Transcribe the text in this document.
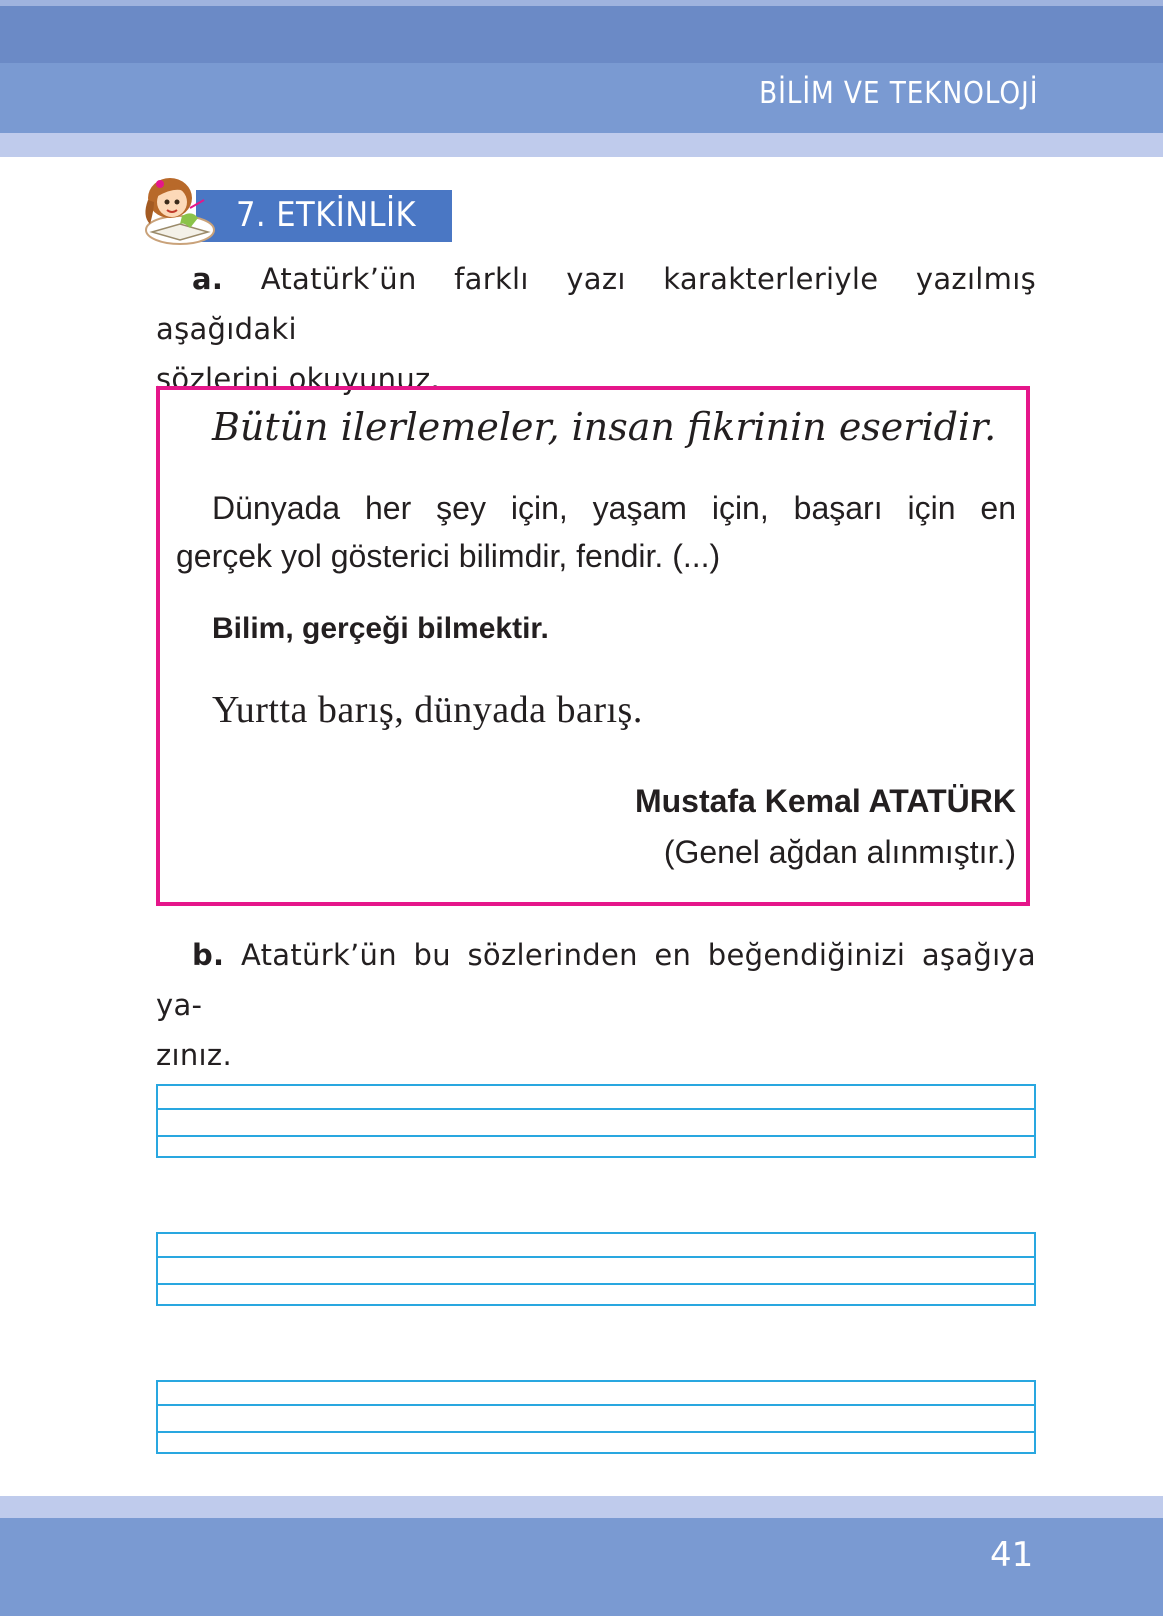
BİLİM VE TEKNOLOJİ
7. ETKİNLİK
a. Atatürk’ün farklı yazı karakterleriyle yazılmış aşağıdaki
sözlerini okuyunuz.
Bütün ilerlemeler, insan fikrinin eseridir.
Dünyada her şey için, yaşam için, başarı için en
gerçek yol gösterici bilimdir, fendir. (...)
Bilim, gerçeği bilmektir.
Yurtta barış, dünyada barış.
Mustafa Kemal ATATÜRK
(Genel ağdan alınmıştır.)
b. Atatürk’ün bu sözlerinden en beğendiğinizi aşağıya ya-
zınız.
41
